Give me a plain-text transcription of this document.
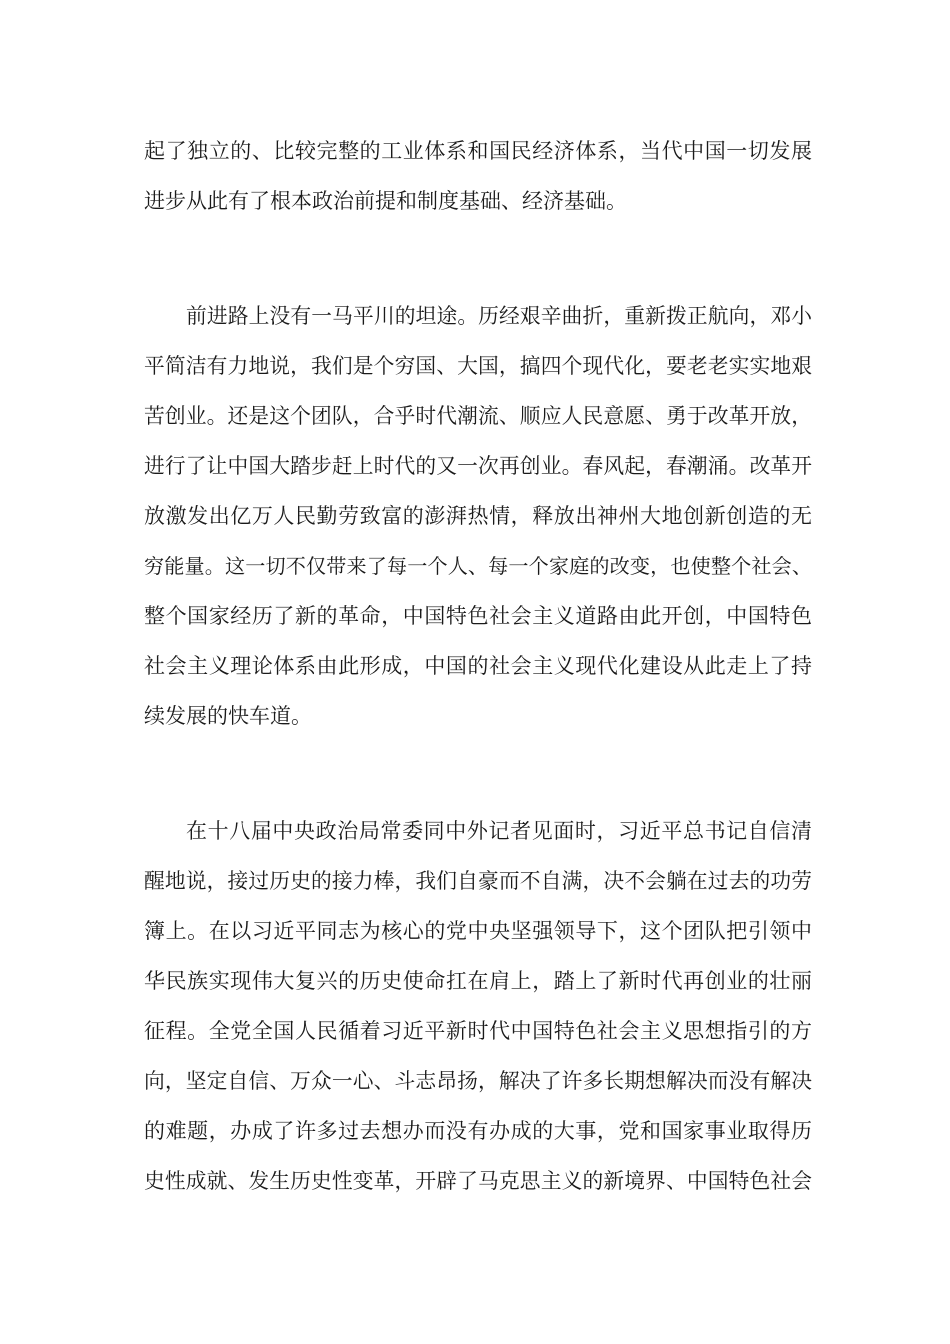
起了独立的、比较完整的工业体系和国民经济体系，当代中国一切发展
进步从此有了根本政治前提和制度基础、经济基础。
前进路上没有一马平川的坦途。历经艰辛曲折，重新拨正航向，邓小
平简洁有力地说，我们是个穷国、大国，搞四个现代化，要老老实实地艰
苦创业。还是这个团队，合乎时代潮流、顺应人民意愿、勇于改革开放，
进行了让中国大踏步赶上时代的又一次再创业。春风起，春潮涌。改革开
放激发出亿万人民勤劳致富的澎湃热情，释放出神州大地创新创造的无
穷能量。这一切不仅带来了每一个人、每一个家庭的改变，也使整个社会、
整个国家经历了新的革命，中国特色社会主义道路由此开创，中国特色
社会主义理论体系由此形成，中国的社会主义现代化建设从此走上了持
续发展的快车道。
在十八届中央政治局常委同中外记者见面时，习近平总书记自信清
醒地说，接过历史的接力棒，我们自豪而不自满，决不会躺在过去的功劳
簿上。在以习近平同志为核心的党中央坚强领导下，这个团队把引领中
华民族实现伟大复兴的历史使命扛在肩上，踏上了新时代再创业的壮丽
征程。全党全国人民循着习近平新时代中国特色社会主义思想指引的方
向，坚定自信、万众一心、斗志昂扬，解决了许多长期想解决而没有解决
的难题，办成了许多过去想办而没有办成的大事，党和国家事业取得历
史性成就、发生历史性变革，开辟了马克思主义的新境界、中国特色社会
